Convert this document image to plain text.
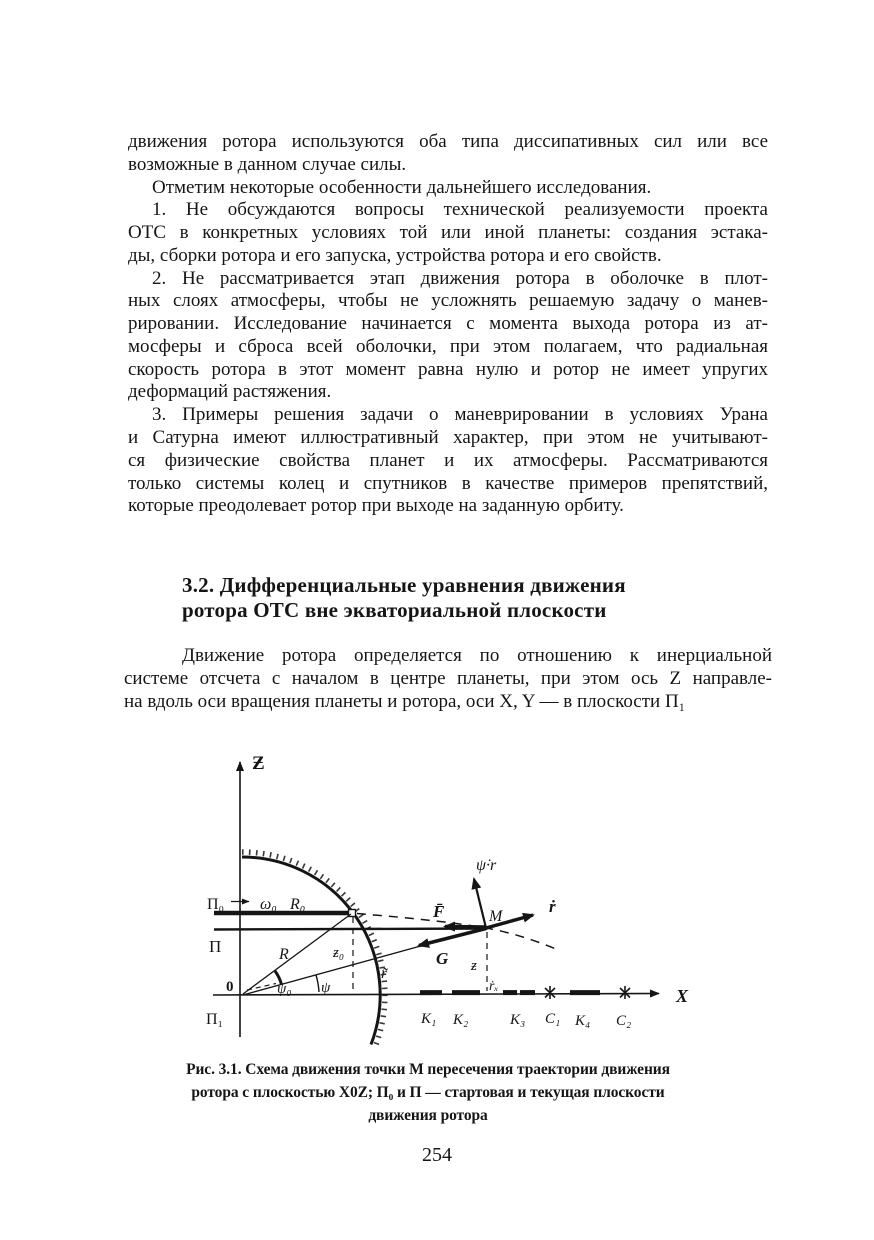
движения ротора используются оба типа диссипативных сил или все
возможные в данном случае силы.

Отметим некоторые особенности дальнейшего исследования.

1. Не обсуждаются вопросы технической реализуемости проекта
ОТС в конкретных условиях той или иной планеты: создания эстака-
ды, сборки ротора и его запуска, устройства ротора и его свойств.

2. Не рассматривается этап движения ротора в оболочке в плот-
ных слоях атмосферы, чтобы не усложнять решаемую задачу о манев-
рировании. Исследование начинается с момента выхода ротора из ат-
мосферы и сброса всей оболочки, при этом полагаем, что радиальная
скорость ротора в этот момент равна нулю и ротор не имеет упругих
деформаций растяжения.

3. Примеры решения задачи о маневрировании в условиях Урана
и Сатурна имеют иллюстративный характер, при этом не учитывают-
ся физические свойства планет и их атмосферы. Рассматриваются
только системы колец и спутников в качестве примеров препятствий,
которые преодолевает ротор при выходе на заданную орбиту.

3.2. Дифференциальные уравнения движения
ротора ОТС вне экваториальной плоскости
Движение ротора определяется по отношению к инерциальной
системе отсчета с началом в центре планеты, при этом ось Z направле-
на вдоль оси вращения планеты и ротора, оси X, Y — в плоскости П₁
Ƶ
X
0
П₀ ω₀ R₀
П
П₁
R
r̃
ψ₀ ψ
ƶ₀
ƶ
ṙₓ
M
F̄
G
ṙ
ψ̇·r
К₁ К₂	К₃ С₁ К₄ С₂
Рис. 3.1. Схема движения точки М пересечения траектории движения
ротора с плоскостью X0Z; П₀ и П — стартовая и текущая плоскости
движения ротора
254
